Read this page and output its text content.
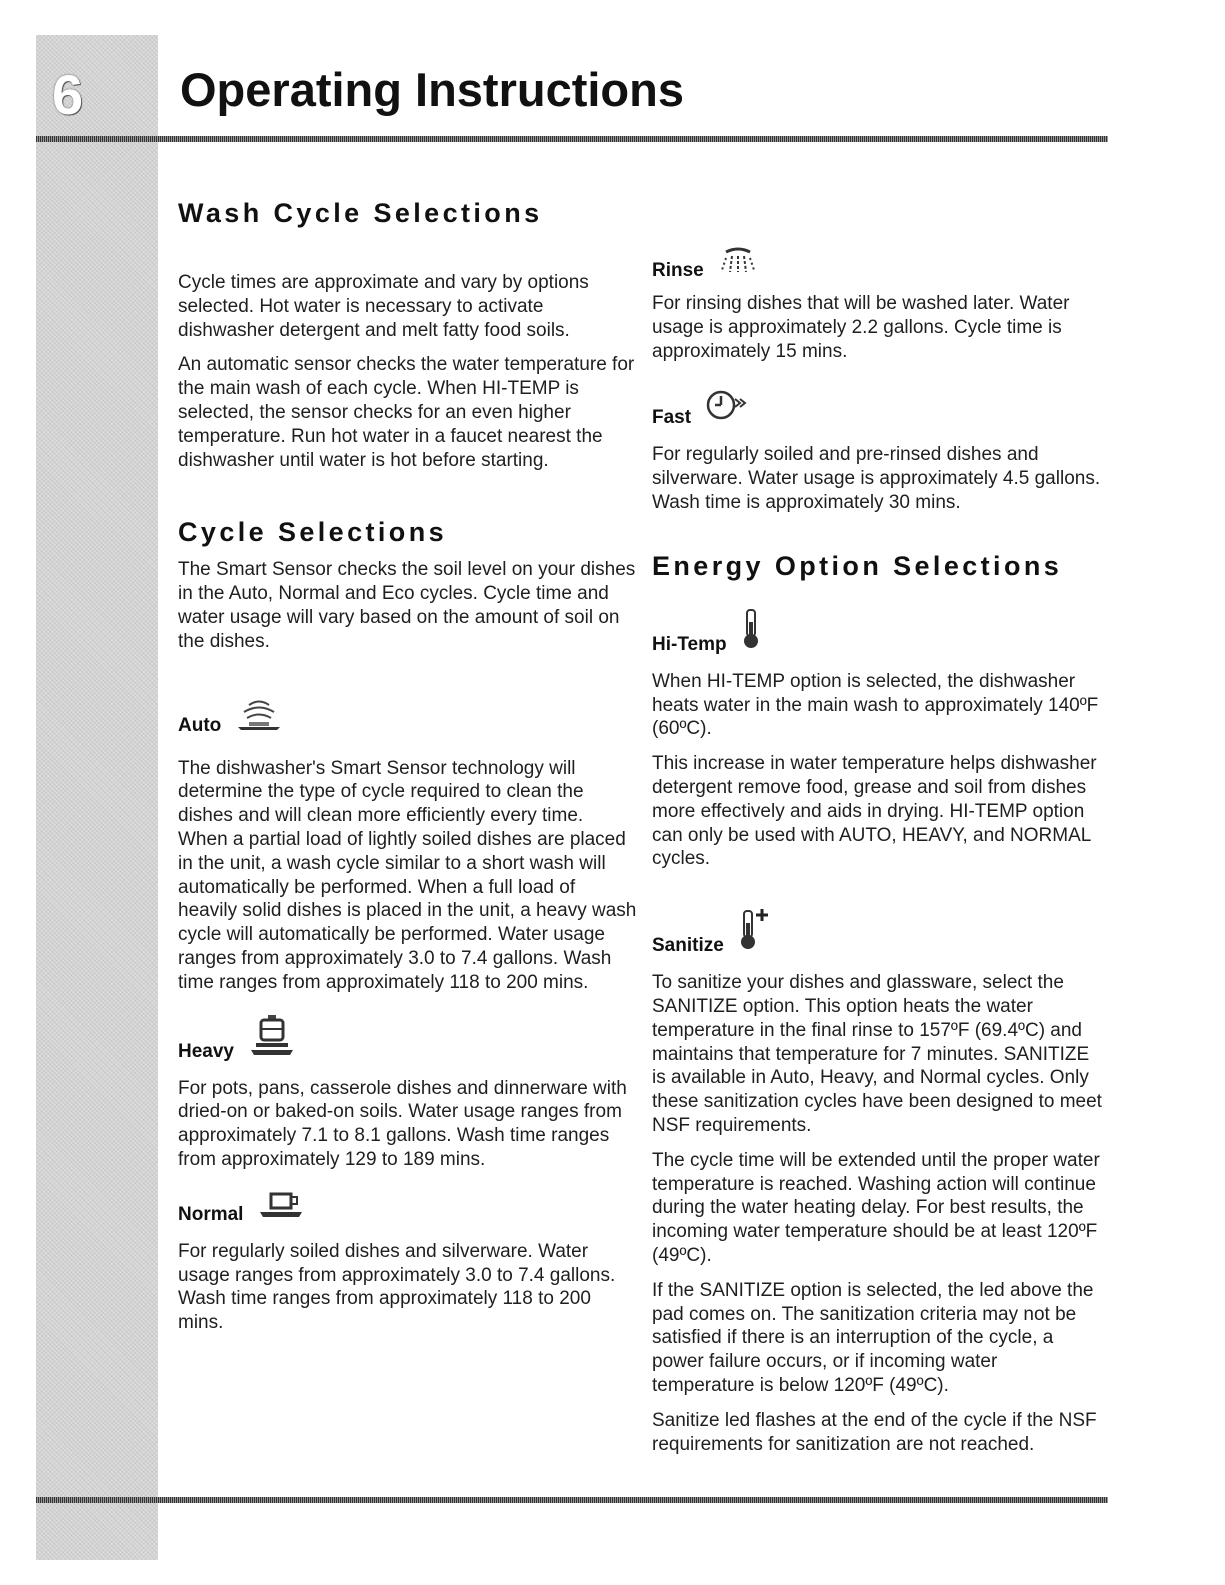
6 Operating Instructions
Wash Cycle Selections

Cycle times are approximate and vary by options selected. Hot water is necessary to activate dishwasher detergent and melt fatty food soils.

An automatic sensor checks the water temperature for the main wash of each cycle. When HI-TEMP is selected, the sensor checks for an even higher temperature. Run hot water in a faucet nearest the dishwasher until water is hot before starting.

Cycle Selections

The Smart Sensor checks the soil level on your dishes in the Auto, Normal and Eco cycles. Cycle time and water usage will vary based on the amount of soil on the dishes.

Auto

The dishwasher's Smart Sensor technology will determine the type of cycle required to clean the dishes and will clean more efficiently every time. When a partial load of lightly soiled dishes are placed in the unit, a wash cycle similar to a short wash will automatically be performed. When a full load of heavily solid dishes is placed in the unit, a heavy wash cycle will automatically be performed. Water usage ranges from approximately 3.0 to 7.4 gallons. Wash time ranges from approximately 118 to 200 mins.

Heavy

For pots, pans, casserole dishes and dinnerware with dried-on or baked-on soils. Water usage ranges from approximately 7.1 to 8.1 gallons. Wash time ranges from approximately 129 to 189 mins.

Normal

For regularly soiled dishes and silverware. Water usage ranges from approximately 3.0 to 7.4 gallons. Wash time ranges from approximately 118 to 200 mins.

Rinse

For rinsing dishes that will be washed later. Water usage is approximately 2.2 gallons. Cycle time is approximately 15 mins.

Fast

For regularly soiled and pre-rinsed dishes and silverware. Water usage is approximately 4.5 gallons. Wash time is approximately 30 mins.

Energy Option Selections
Hi-Temp

When HI-TEMP option is selected, the dishwasher heats water in the main wash to approximately 140ºF (60ºC).

This increase in water temperature helps dishwasher detergent remove food, grease and soil from dishes more effectively and aids in drying. HI-TEMP option can only be used with AUTO, HEAVY, and NORMAL cycles.

Sanitize

To sanitize your dishes and glassware, select the SANITIZE option. This option heats the water temperature in the final rinse to 157ºF (69.4ºC) and maintains that temperature for 7 minutes. SANITIZE is available in Auto, Heavy, and Normal cycles. Only these sanitization cycles have been designed to meet NSF requirements.

The cycle time will be extended until the proper water temperature is reached. Washing action will continue during the water heating delay. For best results, the incoming water temperature should be at least 120ºF (49ºC).

If the SANITIZE option is selected, the led above the pad comes on. The sanitization criteria may not be satisfied if there is an interruption of the cycle, a power failure occurs, or if incoming water temperature is below 120ºF (49ºC).

Sanitize led flashes at the end of the cycle if the NSF requirements for sanitization are not reached.
